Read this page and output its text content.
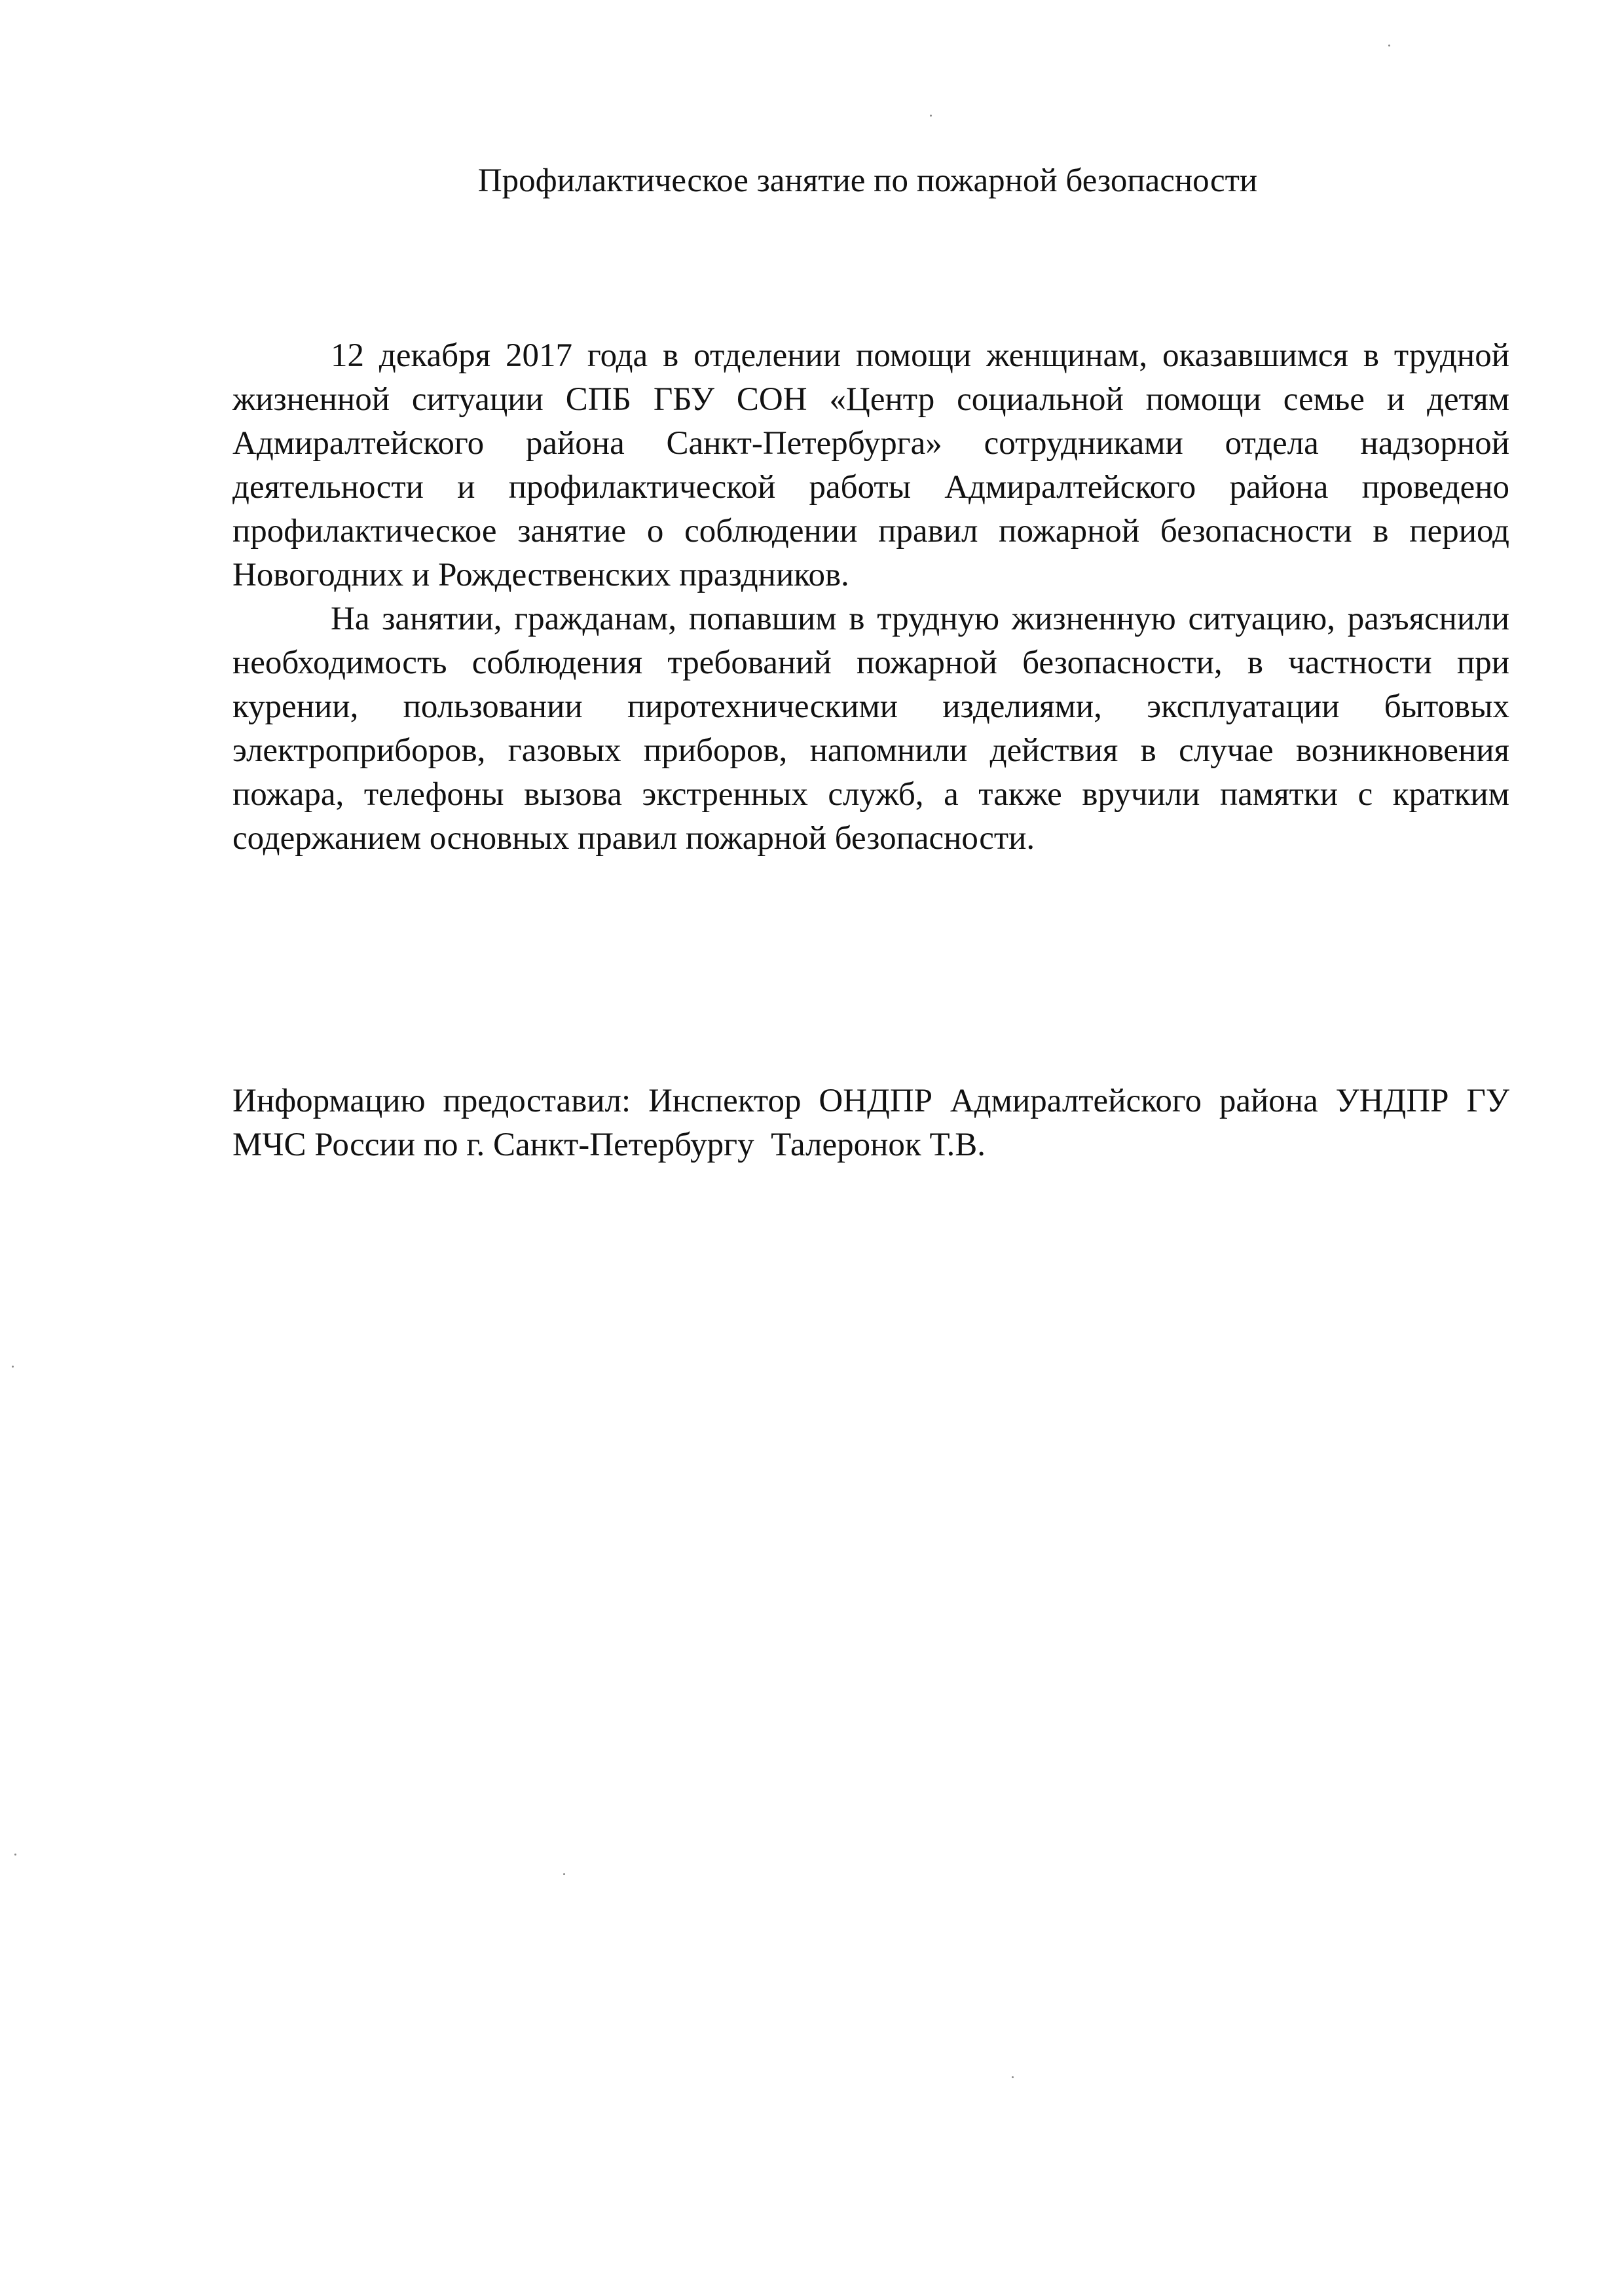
Профилактическое занятие по пожарной безопасности

12 декабря 2017 года в отделении помощи женщинам, оказавшимся в трудной жизненной ситуации СПБ ГБУ СОН «Центр социальной помощи семье и детям Адмиралтейского района Санкт-Петербурга» сотрудниками отдела надзорной деятельности и профилактической работы Адмиралтейского района проведено профилактическое занятие о соблюдении правил пожарной безопасности в период Новогодних и Рождественских праздников.

На занятии, гражданам, попавшим в трудную жизненную ситуацию, разъяснили необходимость соблюдения требований пожарной безопасности, в частности при курении, пользовании пиротехническими изделиями, эксплуатации бытовых электроприборов, газовых приборов, напомнили действия в случае возникновения пожара, телефоны вызова экстренных служб, а также вручили памятки с кратким содержанием основных правил пожарной безопасности.

Информацию предоставил: Инспектор ОНДПР Адмиралтейского района УНДПР ГУ МЧС России по г. Санкт-Петербургу  Талеронок Т.В.
